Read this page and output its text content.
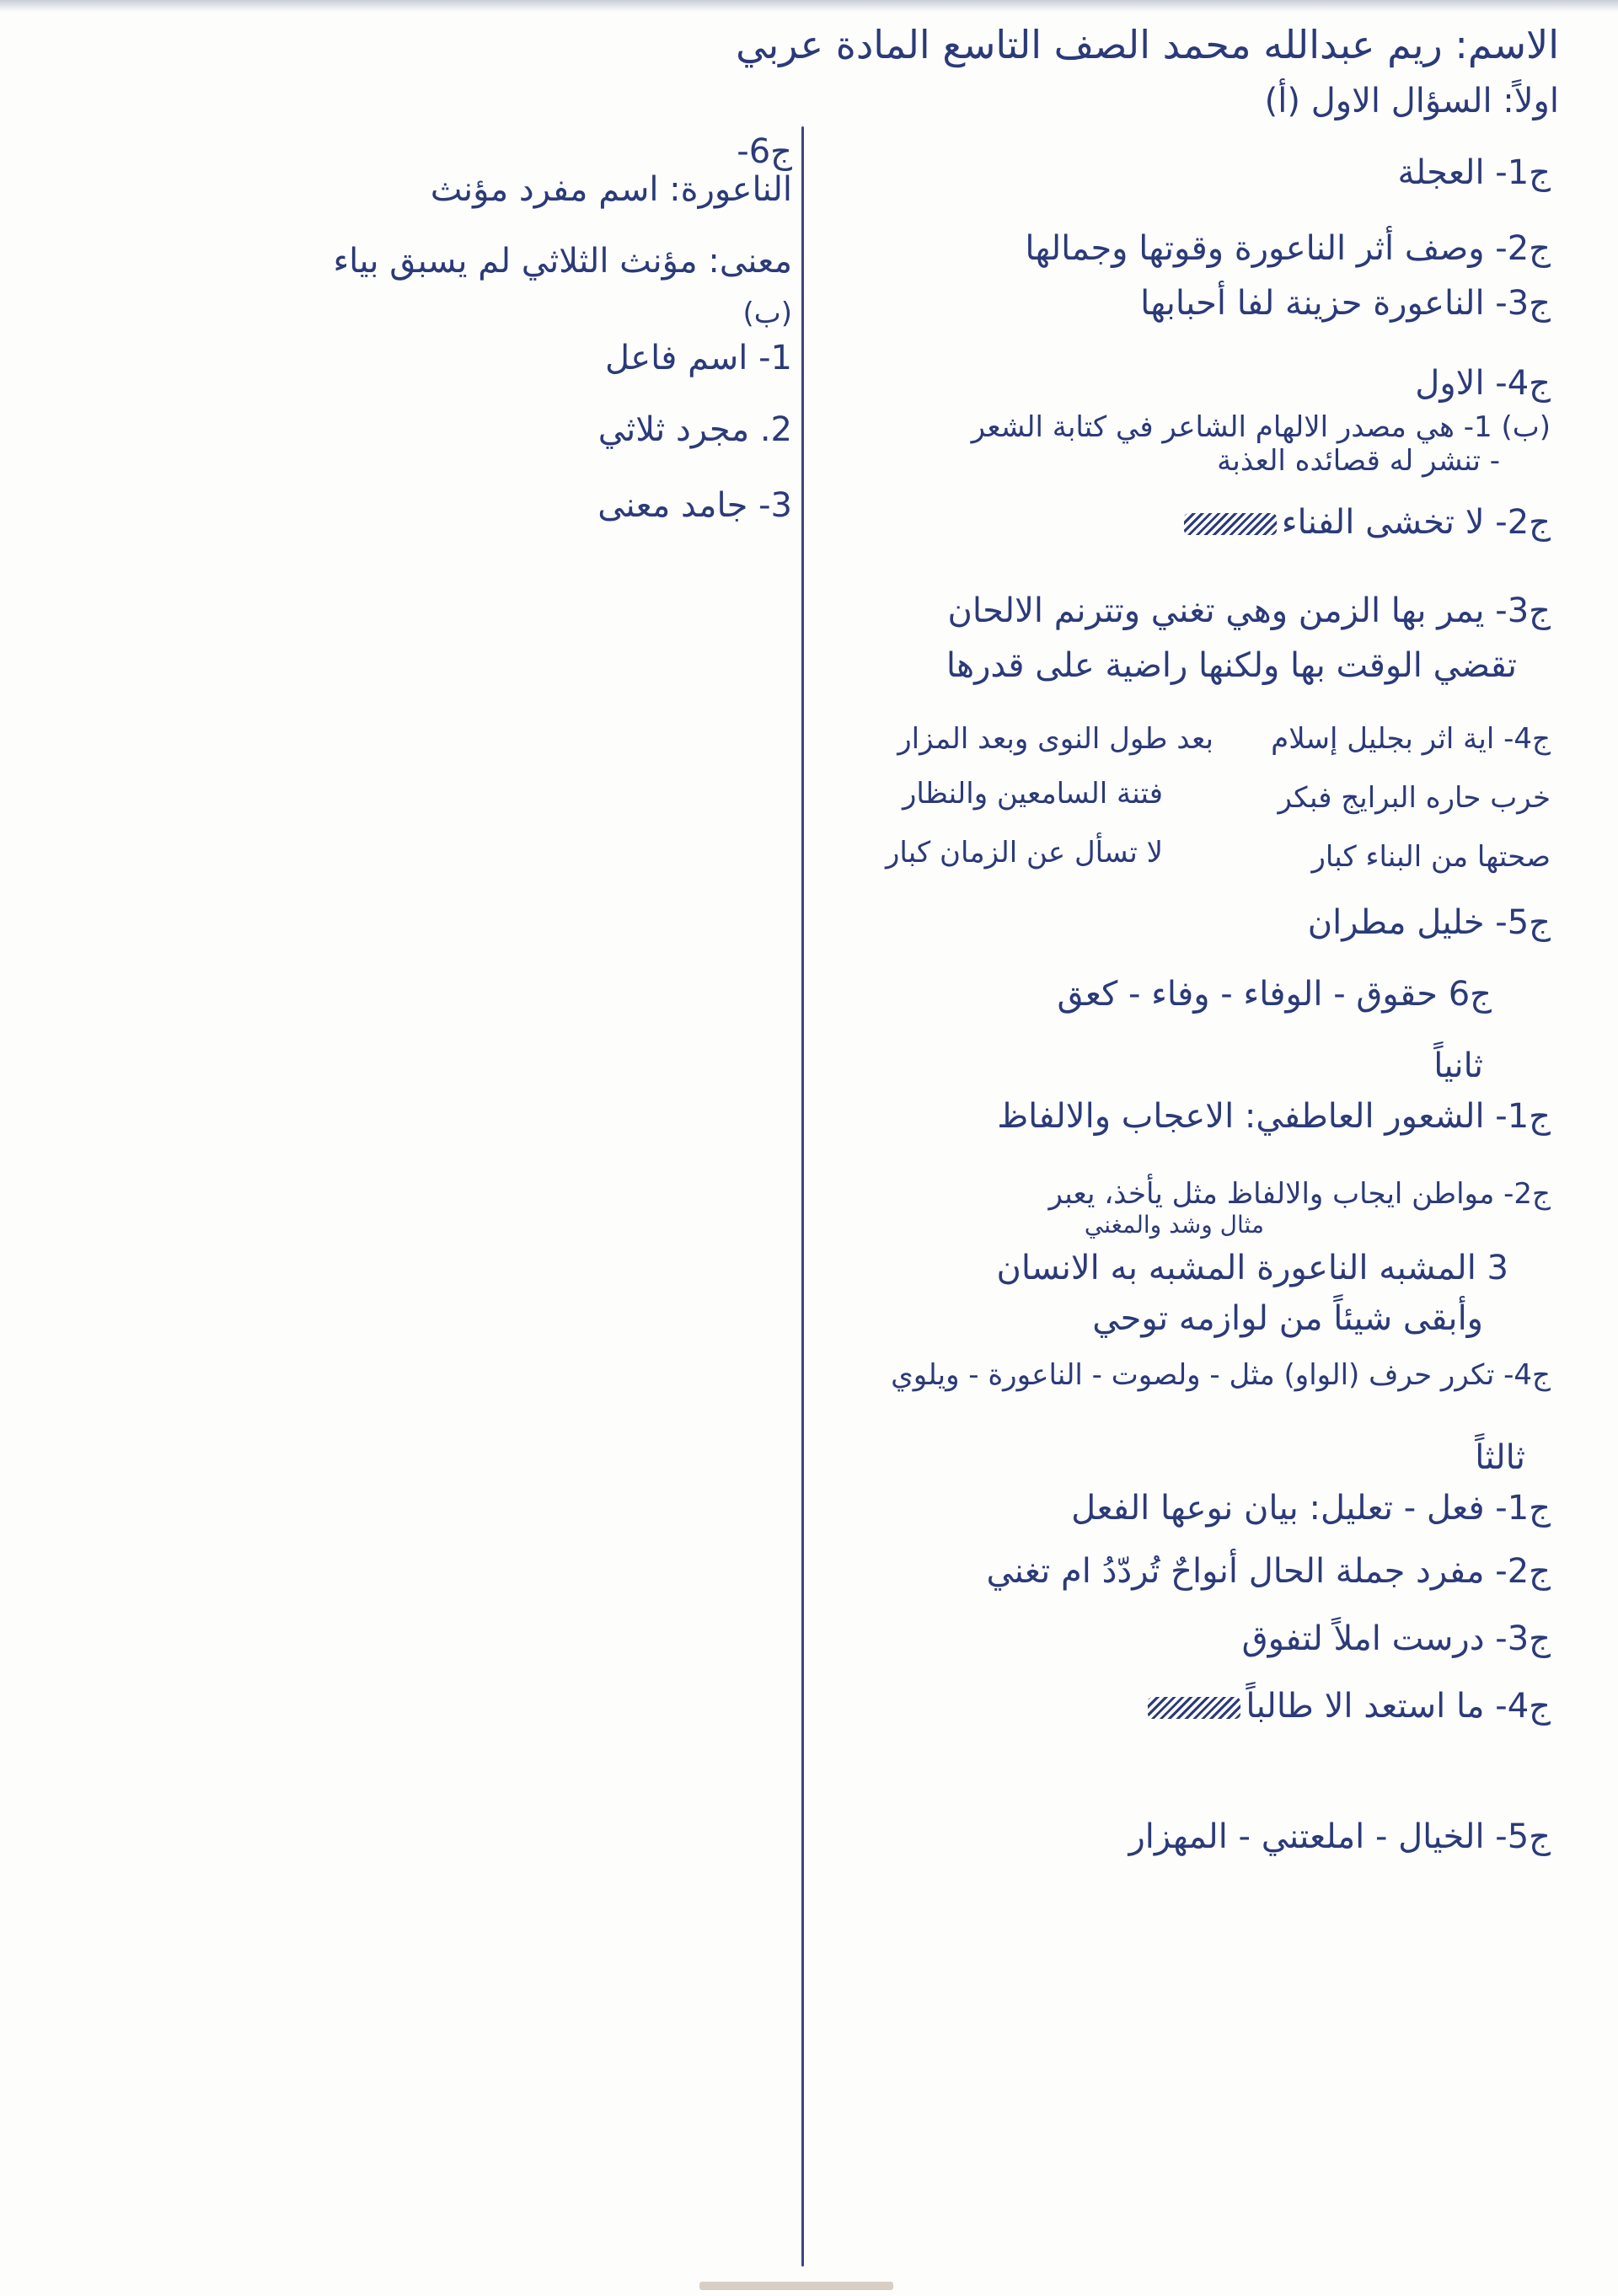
الاسم: ريم عبدالله محمد الصف التاسع المادة عربي
اولاً: السؤال الاول (أ)
ج1- العجلة
ج2- وصف أثر الناعورة وقوتها وجمالها
ج3- الناعورة حزينة لفا أحبابها
ج4- الاول
(ب) 1- هي مصدر الالهام الشاعر في كتابة الشعر
- تنشر له قصائده العذبة
ج2- لا تخشى الفناء
ج3- يمر بها الزمن وهي تغني وتترنم الالحان
تقضي الوقت بها ولكنها راضية على قدرها
ج4- اية اثر بجليل إسلام
بعد طول النوى وبعد المزار
خرب حاره البرايج فبكر
فتنة السامعين والنظار
صحتها من البناء كبار
لا تسأل عن الزمان كبار
ج5- خليل مطران
ج6 حقوق - الوفاء - وفاء - كعق
ثانياً
ج1- الشعور العاطفي: الاعجاب والالفاظ
ج2- مواطن ايجاب والالفاظ مثل يأخذ، يعبر
مثال وشد والمغني
3 المشبه الناعورة المشبه به الانسان
وأبقى شيئاً من لوازمه توحي
ج4- تكرر حرف (الواو) مثل - ولصوت - الناعورة - ويلوي
ثالثاً
ج1- فعل - تعليل: بيان نوعها الفعل
ج2- مفرد جملة الحال أنواحٌ تُردّدُ ام تغني
ج3- درست املاً لتفوق
ج4- ما استعد الا طالباً
ج5- الخيال - املعتني - المهزار
ج6-
الناعورة: اسم مفرد مؤنث
معنى: مؤنث الثلاثي لم يسبق بياء
(ب)
1- اسم فاعل
2. مجرد ثلاثي
3- جامد معنى
